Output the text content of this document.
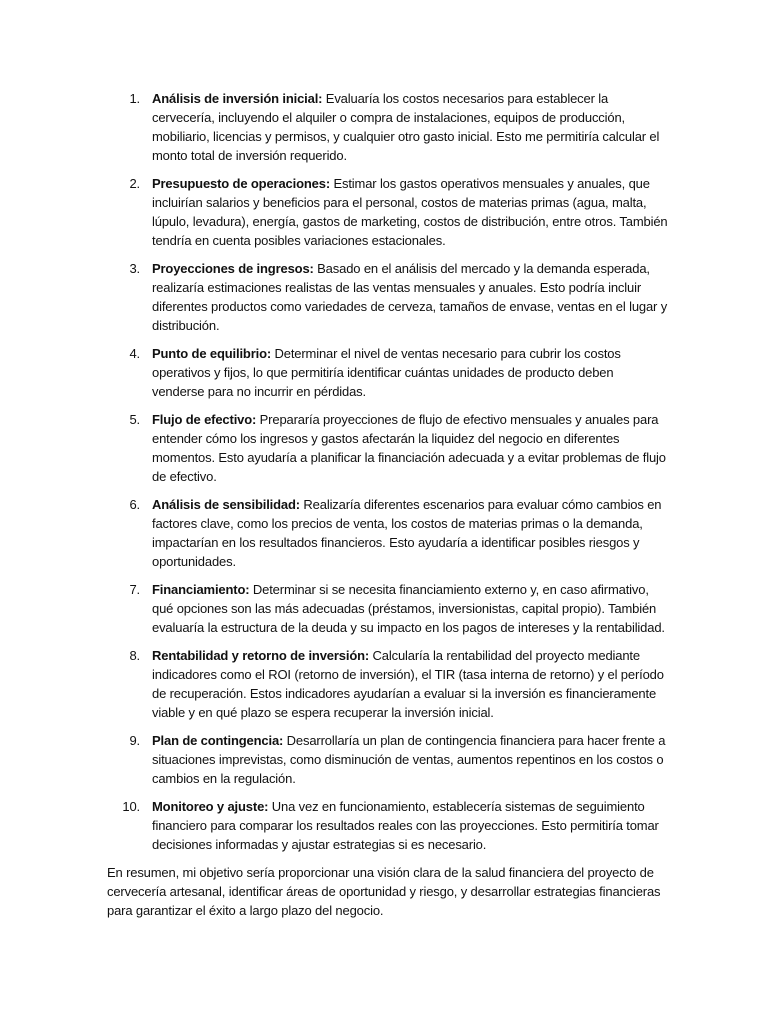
1. Análisis de inversión inicial: Evaluaría los costos necesarios para establecer la cervecería, incluyendo el alquiler o compra de instalaciones, equipos de producción, mobiliario, licencias y permisos, y cualquier otro gasto inicial. Esto me permitiría calcular el monto total de inversión requerido.
2. Presupuesto de operaciones: Estimar los gastos operativos mensuales y anuales, que incluirían salarios y beneficios para el personal, costos de materias primas (agua, malta, lúpulo, levadura), energía, gastos de marketing, costos de distribución, entre otros. También tendría en cuenta posibles variaciones estacionales.
3. Proyecciones de ingresos: Basado en el análisis del mercado y la demanda esperada, realizaría estimaciones realistas de las ventas mensuales y anuales. Esto podría incluir diferentes productos como variedades de cerveza, tamaños de envase, ventas en el lugar y distribución.
4. Punto de equilibrio: Determinar el nivel de ventas necesario para cubrir los costos operativos y fijos, lo que permitiría identificar cuántas unidades de producto deben venderse para no incurrir en pérdidas.
5. Flujo de efectivo: Prepararía proyecciones de flujo de efectivo mensuales y anuales para entender cómo los ingresos y gastos afectarán la liquidez del negocio en diferentes momentos. Esto ayudaría a planificar la financiación adecuada y a evitar problemas de flujo de efectivo.
6. Análisis de sensibilidad: Realizaría diferentes escenarios para evaluar cómo cambios en factores clave, como los precios de venta, los costos de materias primas o la demanda, impactarían en los resultados financieros. Esto ayudaría a identificar posibles riesgos y oportunidades.
7. Financiamiento: Determinar si se necesita financiamiento externo y, en caso afirmativo, qué opciones son las más adecuadas (préstamos, inversionistas, capital propio). También evaluaría la estructura de la deuda y su impacto en los pagos de intereses y la rentabilidad.
8. Rentabilidad y retorno de inversión: Calcularía la rentabilidad del proyecto mediante indicadores como el ROI (retorno de inversión), el TIR (tasa interna de retorno) y el período de recuperación. Estos indicadores ayudarían a evaluar si la inversión es financieramente viable y en qué plazo se espera recuperar la inversión inicial.
9. Plan de contingencia: Desarrollaría un plan de contingencia financiera para hacer frente a situaciones imprevistas, como disminución de ventas, aumentos repentinos en los costos o cambios en la regulación.
10. Monitoreo y ajuste: Una vez en funcionamiento, establecería sistemas de seguimiento financiero para comparar los resultados reales con las proyecciones. Esto permitiría tomar decisiones informadas y ajustar estrategias si es necesario.

En resumen, mi objetivo sería proporcionar una visión clara de la salud financiera del proyecto de cervecería artesanal, identificar áreas de oportunidad y riesgo, y desarrollar estrategias financieras para garantizar el éxito a largo plazo del negocio.
